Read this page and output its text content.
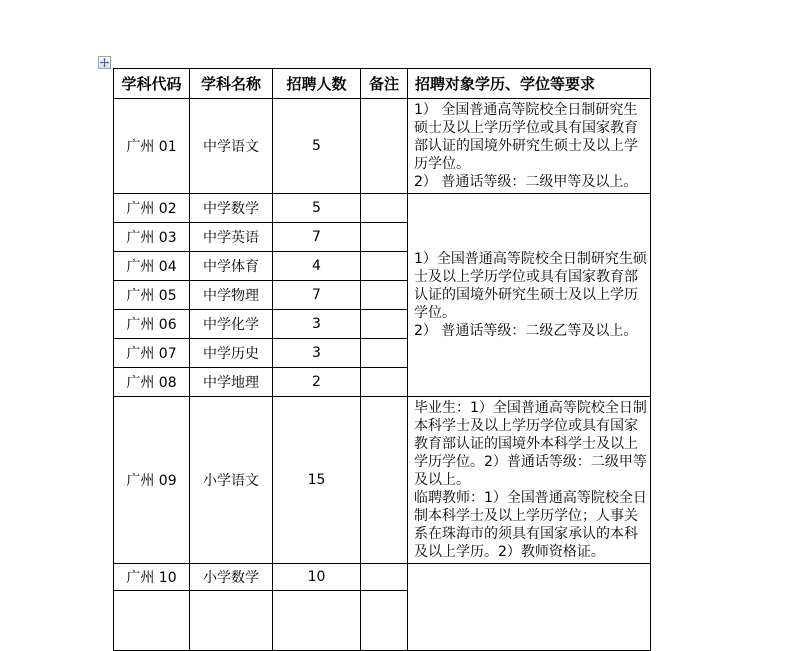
学科代码	学科名称	招聘人数	备注	招聘对象学历、学位等要求
广州 01	中学语文	5		1） 全国普通高等院校全日制研究生硕士及以上学历学位或具有国家教育部认证的国境外研究生硕士及以上学历学位。
2） 普通话等级：二级甲等及以上。

广州 02	中学数学	5		1）全国普通高等院校全日制研究生硕士及以上学历学位或具有国家教育部认证的国境外研究生硕士及以上学历学位。
2） 普通话等级：二级乙等及以上。

广州 03	中学英语	7		
广州 04	中学体育	4		
广州 05	中学物理	7		
广州 06	中学化学	3		
广州 07	中学历史	3		
广州 08	中学地理	2		
广州 09	小学语文	15		毕业生：1）全国普通高等院校全日制本科学士及以上学历学位或具有国家教育部认证的国境外本科学士及以上学历学位。2）普通话等级：二级甲等及以上。
临聘教师：1）全国普通高等院校全日制本科学士及以上学历学位；人事关系在珠海市的须具有国家承认的本科及以上学历。2）教师资格证。

广州 10	小学数学	10		
